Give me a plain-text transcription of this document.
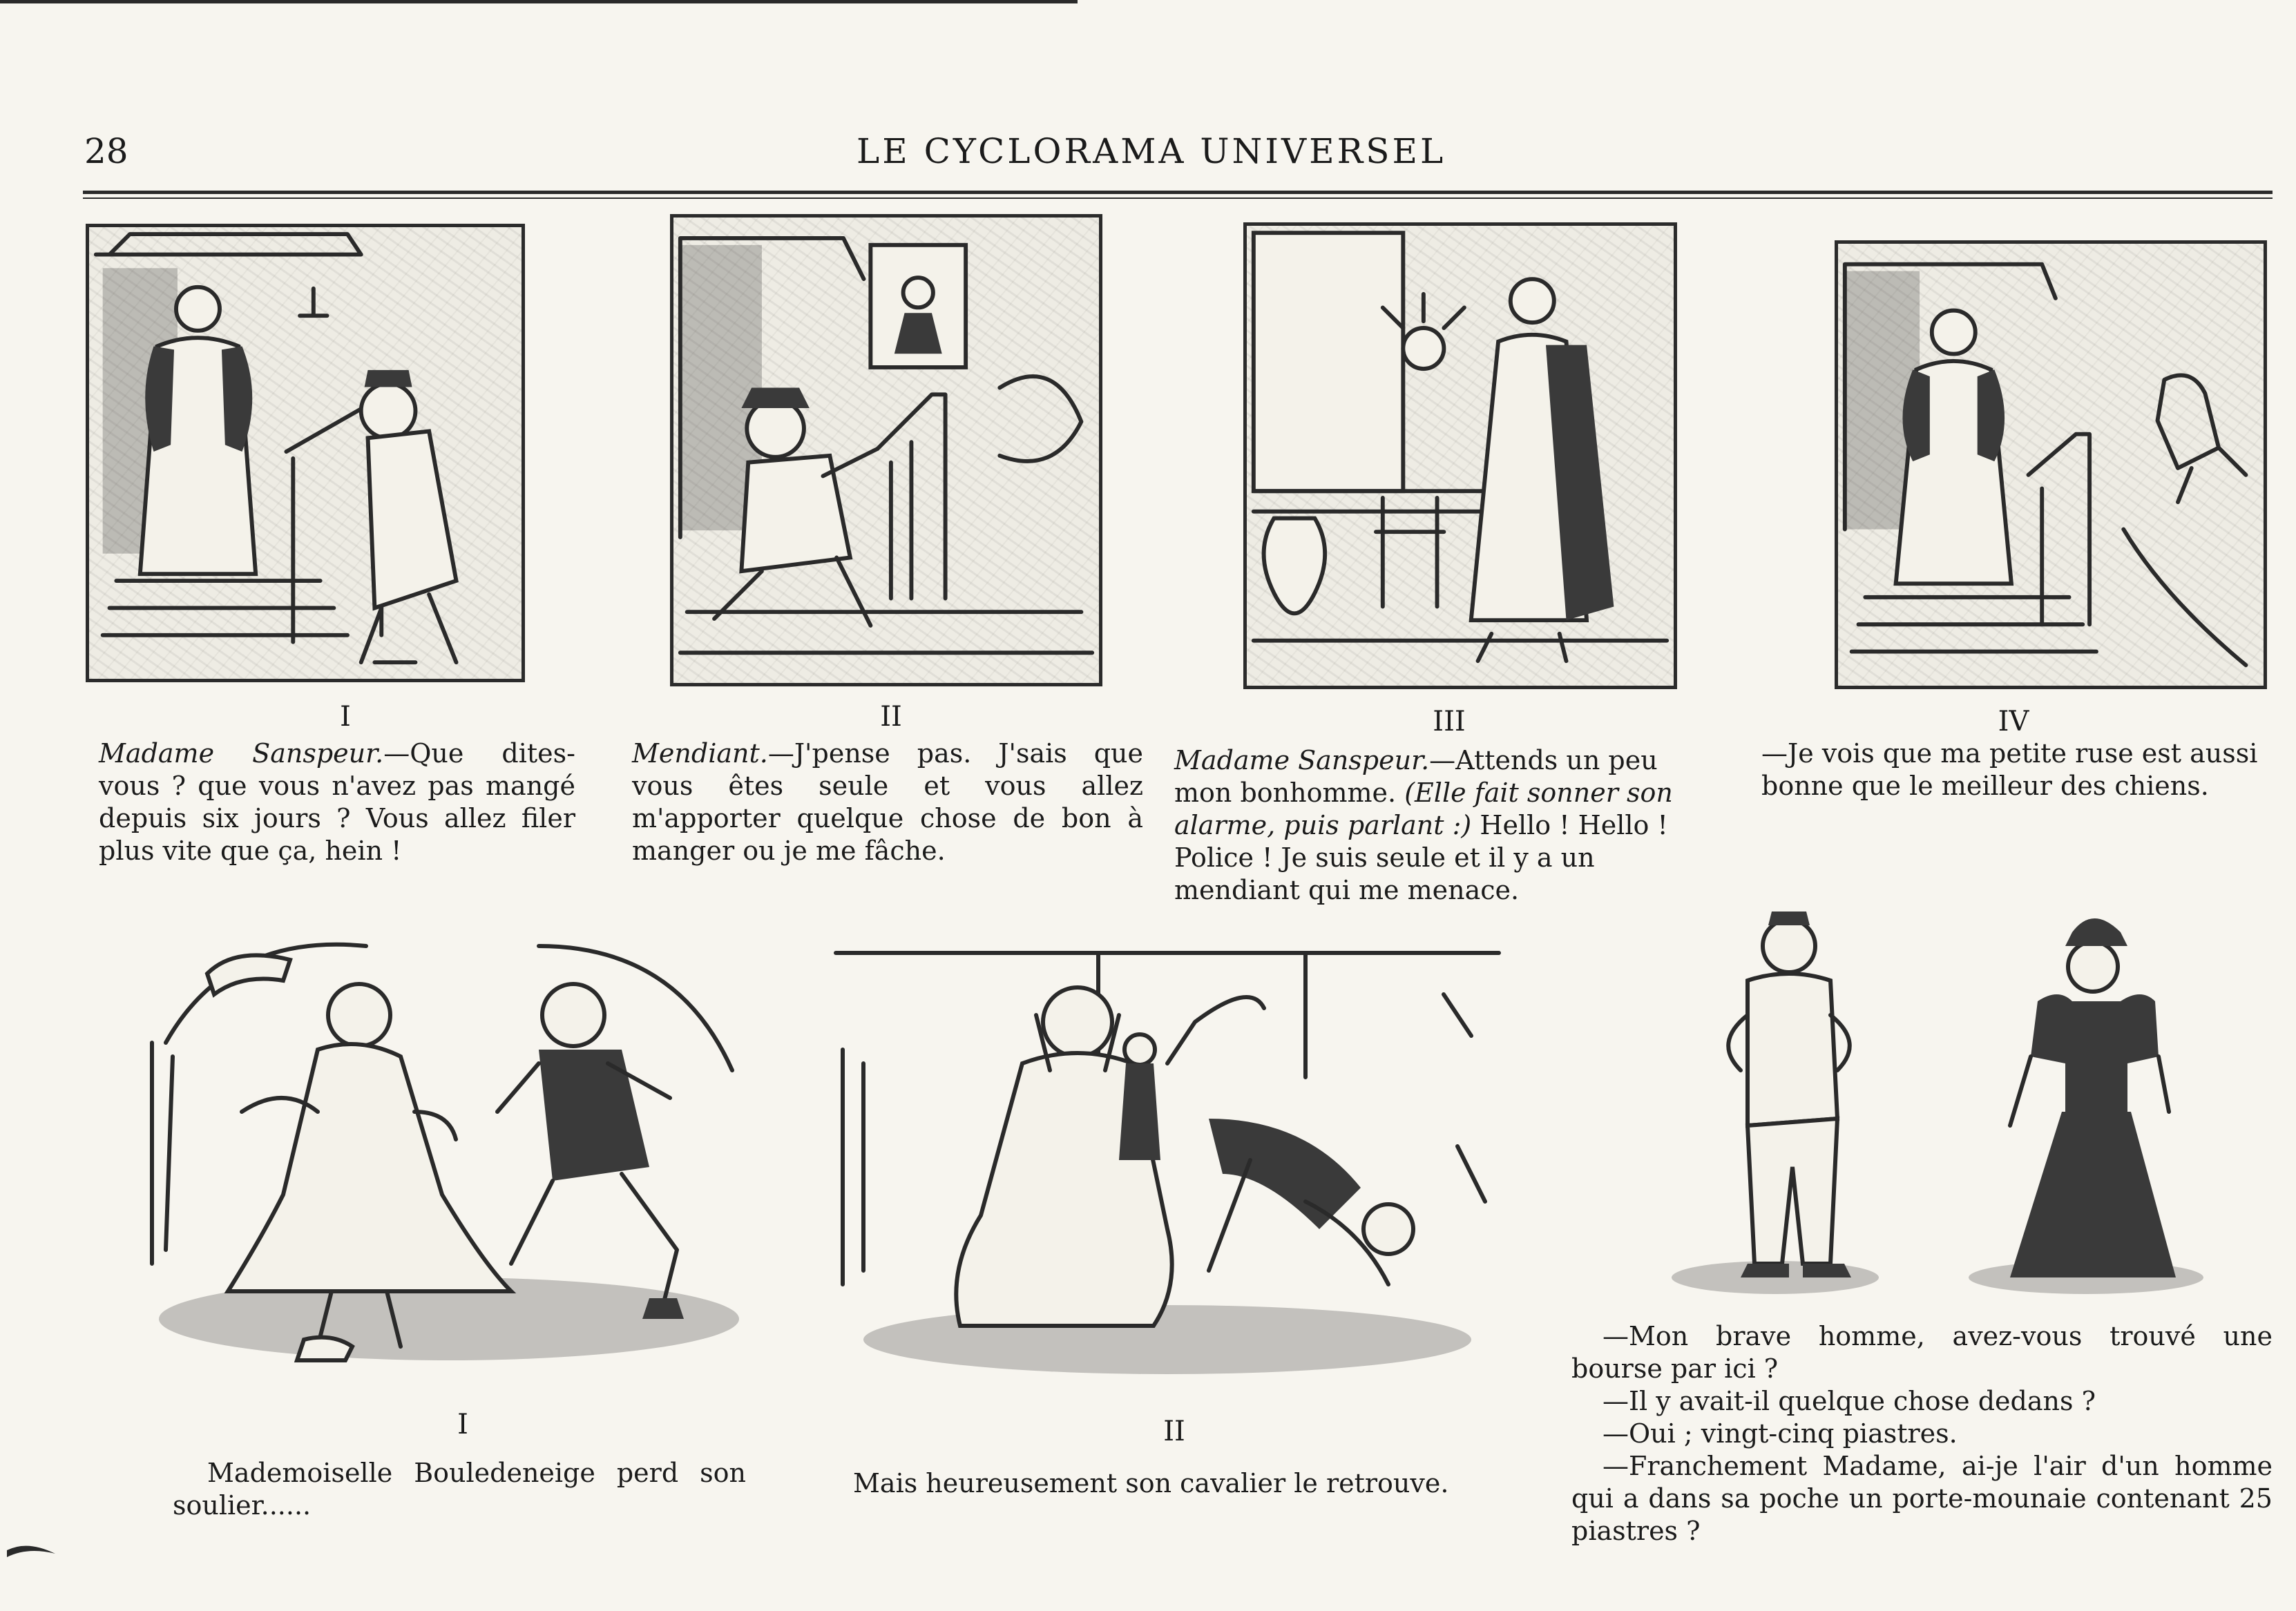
28	LE CYCLORAMA UNIVERSEL
I
Madame Sanspeur.—Que dites-vous ? que vous n'avez pas mangé depuis six jours ? Vous allez filer plus vite que ça, hein !
II
Mendiant.—J'pense pas. J'sais que vous êtes seule et vous allez m'apporter quelque chose de bon à manger ou je me fâche.
III
Madame Sanspeur.—Attends un peu mon bonhomme. (Elle fait sonner son alarme, puis parlant :) Hello ! Hello ! Police ! Je suis seule et il y a un mendiant qui me menace.
IV
—Je vois que ma petite ruse est aussi bonne que le meilleur des chiens.
I
Mademoiselle Bouledeneige perd son soulier......
II
Mais heureusement son cavalier le retrouve.
—Mon brave homme, avez-vous trouvé une bourse par ici ?
—Il y avait-il quelque chose dedans ?
—Oui ; vingt-cinq piastres.
—Franchement Madame, ai-je l'air d'un homme qui a dans sa poche un porte-mounaie contenant 25 piastres ?
